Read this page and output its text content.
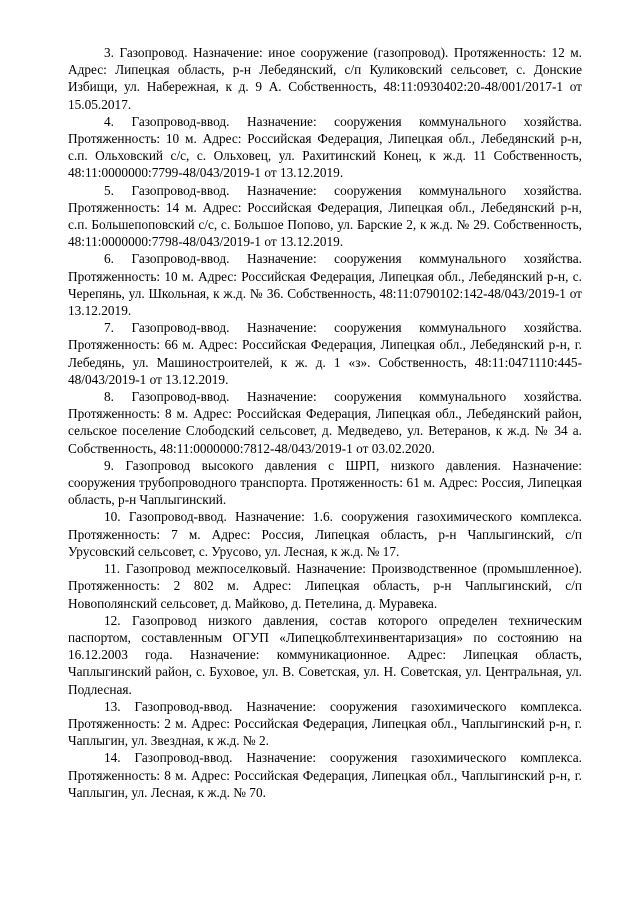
3. Газопровод. Назначение: иное сооружение (газопровод). Протяженность: 12 м. Адрес: Липецкая область, р-н Лебедянский, с/п Куликовский сельсовет, с. Донские Избищи, ул. Набережная, к д. 9 А. Собственность, 48:11:0930402:20-48/001/2017-1 от 15.05.2017.

4. Газопровод-ввод. Назначение: сооружения коммунального хозяйства. Протяженность: 10 м. Адрес: Российская Федерация, Липецкая обл., Лебедянский р-н, с.п. Ольховский с/с, с. Ольховец, ул. Рахитинский Конец, к ж.д. 11 Собственность, 48:11:0000000:7799-48/043/2019-1 от 13.12.2019.

5. Газопровод-ввод. Назначение: сооружения коммунального хозяйства. Протяженность: 14 м. Адрес: Российская Федерация, Липецкая обл., Лебедянский р-н, с.п. Большепоповский с/с, с. Большое Попово, ул. Барские 2, к ж.д. № 29. Собственность, 48:11:0000000:7798-48/043/2019-1 от 13.12.2019.

6. Газопровод-ввод. Назначение: сооружения коммунального хозяйства. Протяженность: 10 м. Адрес: Российская Федерация, Липецкая обл., Лебедянский р-н, с. Черепянь, ул. Школьная, к ж.д. № 36. Собственность, 48:11:0790102:142-48/043/2019-1 от 13.12.2019.

7. Газопровод-ввод. Назначение: сооружения коммунального хозяйства. Протяженность: 66 м. Адрес: Российская Федерация, Липецкая обл., Лебедянский р-н, г. Лебедянь, ул. Машиностроителей, к ж. д. 1 «з». Собственность, 48:11:0471110:445-48/043/2019-1 от 13.12.2019.

8. Газопровод-ввод. Назначение: сооружения коммунального хозяйства. Протяженность: 8 м. Адрес: Российская Федерация, Липецкая обл., Лебедянский район, сельское поселение Слободский сельсовет, д. Медведево, ул. Ветеранов, к ж.д. № 34 а. Собственность, 48:11:0000000:7812-48/043/2019-1 от 03.02.2020.

9. Газопровод высокого давления с ШРП, низкого давления. Назначение: сооружения трубопроводного транспорта. Протяженность: 61 м. Адрес: Россия, Липецкая область, р-н Чаплыгинский.

10. Газопровод-ввод. Назначение: 1.6. сооружения газохимического комплекса. Протяженность: 7 м. Адрес: Россия, Липецкая область, р-н Чаплыгинский, с/п Урусовский сельсовет, с. Урусово, ул. Лесная, к ж.д. № 17.

11. Газопровод межпоселковый. Назначение: Производственное (промышленное). Протяженность: 2 802 м. Адрес: Липецкая область, р-н Чаплыгинский, с/п Новополянский сельсовет, д. Майково, д. Петелина, д. Муравека.

12. Газопровод низкого давления, состав которого определен техническим паспортом, составленным ОГУП «Липецкоблтехинвентаризация» по состоянию на 16.12.2003 года. Назначение: коммуникационное. Адрес: Липецкая область, Чаплыгинский район, с. Буховое, ул. В. Советская, ул. Н. Советская, ул. Центральная, ул. Подлесная.

13. Газопровод-ввод. Назначение: сооружения газохимического комплекса. Протяженность: 2 м. Адрес: Российская Федерация, Липецкая обл., Чаплыгинский р-н, г. Чаплыгин, ул. Звездная, к ж.д. № 2.

14. Газопровод-ввод. Назначение: сооружения газохимического комплекса. Протяженность: 8 м. Адрес: Российская Федерация, Липецкая обл., Чаплыгинский р-н, г. Чаплыгин, ул. Лесная, к ж.д. № 70.
